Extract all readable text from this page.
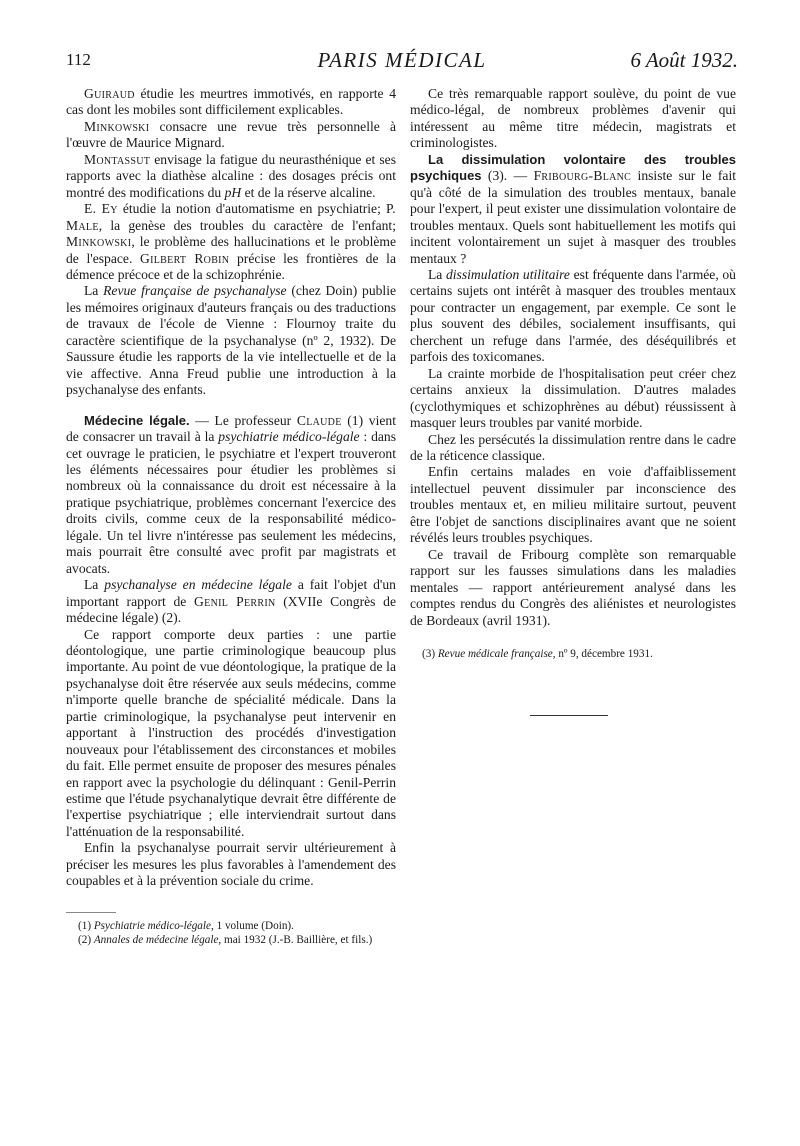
112	PARIS MÉDICAL	6 Août 1932.

Guiraud étudie les meurtres immotivés, en rapporte 4 cas dont les mobiles sont difficilement explicables.

Minkowski consacre une revue très personnelle à l'œuvre de Maurice Mignard.

Montassut envisage la fatigue du neurasthénique et ses rapports avec la diathèse alcaline : des dosages précis ont montré des modifications du pH et de la réserve alcaline.

E. Ey étudie la notion d'automatisme en psychiatrie; P. Male, la genèse des troubles du caractère de l'enfant; Minkowski, le problème des hallucinations et le problème de l'espace. Gilbert Robin précise les frontières de la démence précoce et de la schizophrénie.

La Revue française de psychanalyse (chez Doin) publie les mémoires originaux d'auteurs français ou des traductions de travaux de l'école de Vienne : Flournoy traite du caractère scientifique de la psychanalyse (nº 2, 1932). De Saussure étudie les rapports de la vie intellectuelle et de la vie affective. Anna Freud publie une introduction à la psychanalyse des enfants.

Médecine légale. — Le professeur Claude (1) vient de consacrer un travail à la psychiatrie médico-légale : dans cet ouvrage le praticien, le psychiatre et l'expert trouveront les éléments nécessaires pour étudier les problèmes si nombreux où la connaissance du droit est nécessaire à la pratique psychiatrique, problèmes concernant l'exercice des droits civils, comme ceux de la responsabilité médico-légale. Un tel livre n'intéresse pas seulement les médecins, mais pourrait être consulté avec profit par magistrats et avocats.

La psychanalyse en médecine légale a fait l'objet d'un important rapport de Genil Perrin (XVIIe Congrès de médecine légale) (2).

Ce rapport comporte deux parties : une partie déontologique, une partie criminologique beaucoup plus importante. Au point de vue déontologique, la pratique de la psychanalyse doit être réservée aux seuls médecins, comme n'importe quelle branche de spécialité médicale. Dans la partie criminologique, la psychanalyse peut intervenir en apportant à l'instruction des procédés d'investigation nouveaux pour l'établissement des circonstances et mobiles du fait. Elle permet ensuite de proposer des mesures pénales en rapport avec la psychologie du délinquant : Genil-Perrin estime que l'étude psychanalytique devrait être différente de l'expertise psychiatrique ; elle interviendrait surtout dans l'atténuation de la responsabilité.

Enfin la psychanalyse pourrait servir ultérieurement à préciser les mesures les plus favorables à l'amendement des coupables et à la prévention sociale du crime.

(1) Psychiatrie médico-légale, 1 volume (Doin).

(2) Annales de médecine légale, mai 1932 (J.-B. Baillière, et fils.)

Ce très remarquable rapport soulève, du point de vue médico-légal, de nombreux problèmes d'avenir qui intéressent au même titre médecin, magistrats et criminologistes.

La dissimulation volontaire des troubles psychiques (3). — Fribourg-Blanc insiste sur le fait qu'à côté de la simulation des troubles mentaux, banale pour l'expert, il peut exister une dissimulation volontaire de troubles mentaux. Quels sont habituellement les motifs qui incitent volontairement un sujet à masquer des troubles mentaux ?

La dissimulation utilitaire est fréquente dans l'armée, où certains sujets ont intérêt à masquer des troubles mentaux pour contracter un engagement, par exemple. Ce sont le plus souvent des débiles, socialement insuffisants, qui cherchent un refuge dans l'armée, des déséquilibrés et parfois des toxicomanes.

La crainte morbide de l'hospitalisation peut créer chez certains anxieux la dissimulation. D'autres malades (cyclothymiques et schizophrènes au début) réussissent à masquer leurs troubles par vanité morbide.

Chez les persécutés la dissimulation rentre dans le cadre de la réticence classique.

Enfin certains malades en voie d'affaiblissement intellectuel peuvent dissimuler par inconscience des troubles mentaux et, en milieu militaire surtout, peuvent être l'objet de sanctions disciplinaires avant que ne soient révélés leurs troubles psychiques.

Ce travail de Fribourg complète son remarquable rapport sur les fausses simulations dans les maladies mentales — rapport antérieurement analysé dans les comptes rendus du Congrès des aliénistes et neurologistes de Bordeaux (avril 1931).

(3) Revue médicale française, nº 9, décembre 1931.
